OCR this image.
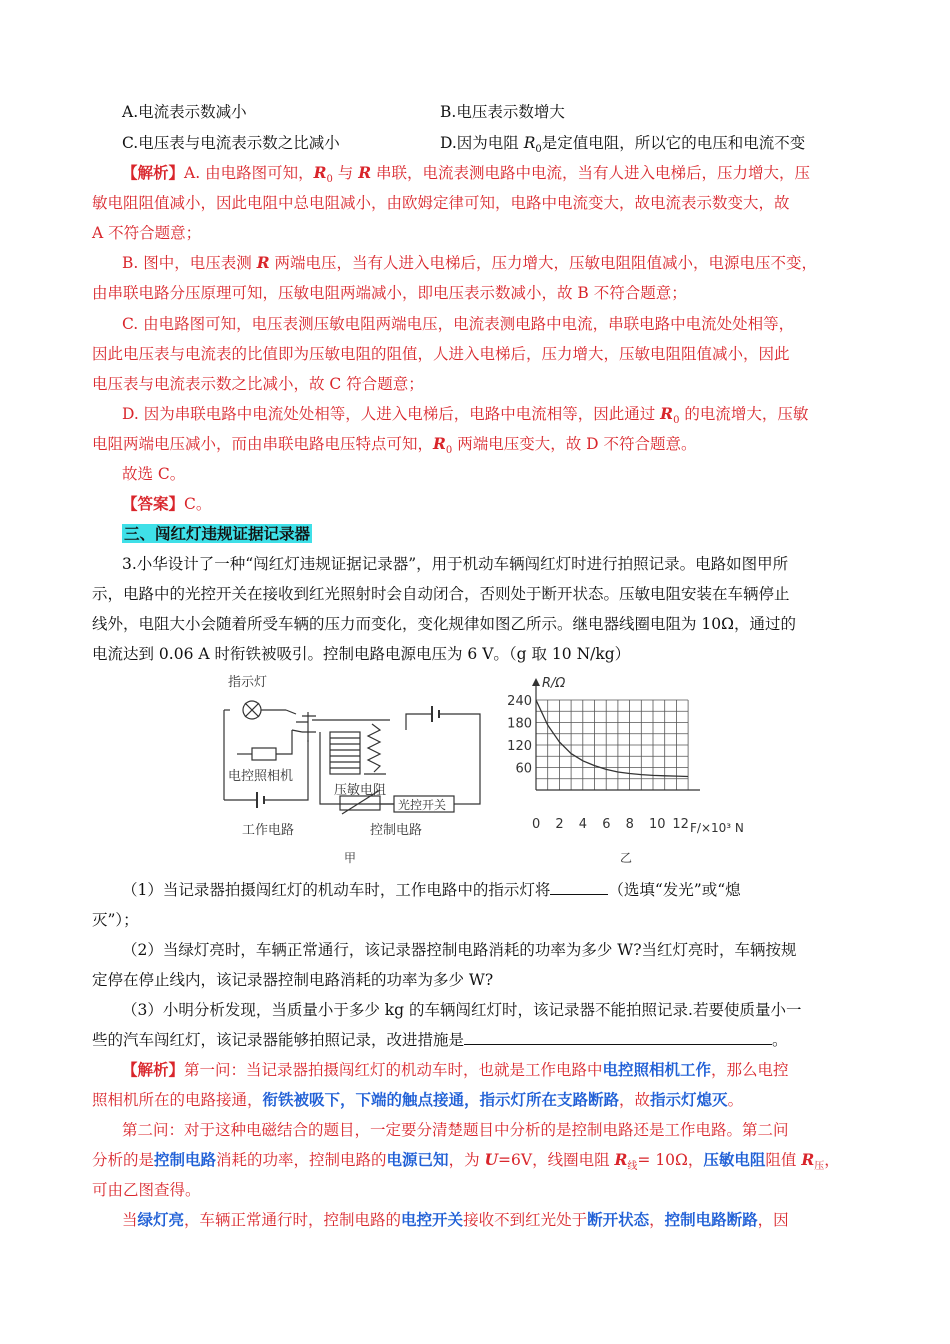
A.电流表示数减小	B.电压表示数增大
C.电压表与电流表示数之比减小	D.因为电阻 $R_0$是定值电阻，所以它的电压和电流不变
【解析】A. 由电路图可知，$R_0$ 与 R 串联，电流表测电路中电流，当有人进入电梯后，压力增大，压
敏电阻阻值减小，因此电阻中总电阻减小，由欧姆定律可知，电路中电流变大，故电流表示数变大，故
A 不符合题意；
B. 图中，电压表测 R 两端电压，当有人进入电梯后，压力增大，压敏电阻阻值减小，电源电压不变，
由串联电路分压原理可知，压敏电阻两端减小，即电压表示数减小，故 B 不符合题意；
C. 由电路图可知，电压表测压敏电阻两端电压，电流表测电路中电流，串联电路中电流处处相等，
因此电压表与电流表的比值即为压敏电阻的阻值，人进入电梯后，压力增大，压敏电阻阻值减小，因此
电压表与电流表示数之比减小，故 C 符合题意；
D. 因为串联电路中电流处处相等，人进入电梯后，电路中电流相等，因此通过 $R_0$ 的电流增大，压敏
电阻两端电压减小，而由串联电路电压特点可知，$R_0$ 两端电压变大，故 D 不符合题意。
故选 C。
【答案】C。
三、闯红灯违规证据记录器
3.小华设计了一种“闯红灯违规证据记录器”，用于机动车辆闯红灯时进行拍照记录。电路如图甲所
示，电路中的光控开关在接收到红光照射时会自动闭合，否则处于断开状态。压敏电阻安装在车辆停止
线外，电阻大小会随着所受车辆的压力而变化，变化规律如图乙所示。继电器线圈电阻为 10Ω，通过的
电流达到 0.06 A 时衔铁被吸引。控制电路电源电压为 6 V。（g 取 10 N/kg）
指示灯
电控照相机
工作电路
压敏电阻
光控开关
控制电路
甲
0 2 4 6 8 10 12
60
120
180
240
R/Ω
F/×10³ N
乙
（1）当记录器拍摄闯红灯的机动车时，工作电路中的指示灯将	（选填“发光”或“熄
灭”）；
（2）当绿灯亮时，车辆正常通行，该记录器控制电路消耗的功率为多少 W?当红灯亮时，车辆按规
定停在停止线内，该记录器控制电路消耗的功率为多少 W?
（3）小明分析发现，当质量小于多少 kg 的车辆闯红灯时，该记录器不能拍照记录.若要使质量小一
些的汽车闯红灯，该记录器能够拍照记录，改进措施是	。
【解析】第一问：当记录器拍摄闯红灯的机动车时，也就是工作电路中电控照相机工作，那么电控
照相机所在的电路接通，衔铁被吸下，下端的触点接通，指示灯所在支路断路，故指示灯熄灭。
第二问：对于这种电磁结合的题目，一定要分清楚题目中分析的是控制电路还是工作电路。第二问
分析的是控制电路消耗的功率，控制电路的电源已知，为 U=6V，线圈电阻 $R_线= 10\Omega$，压敏电阻阻值 $R_压$，
可由乙图查得。
当绿灯亮，车辆正常通行时，控制电路的电控开关接收不到红光处于断开状态，控制电路断路，因
